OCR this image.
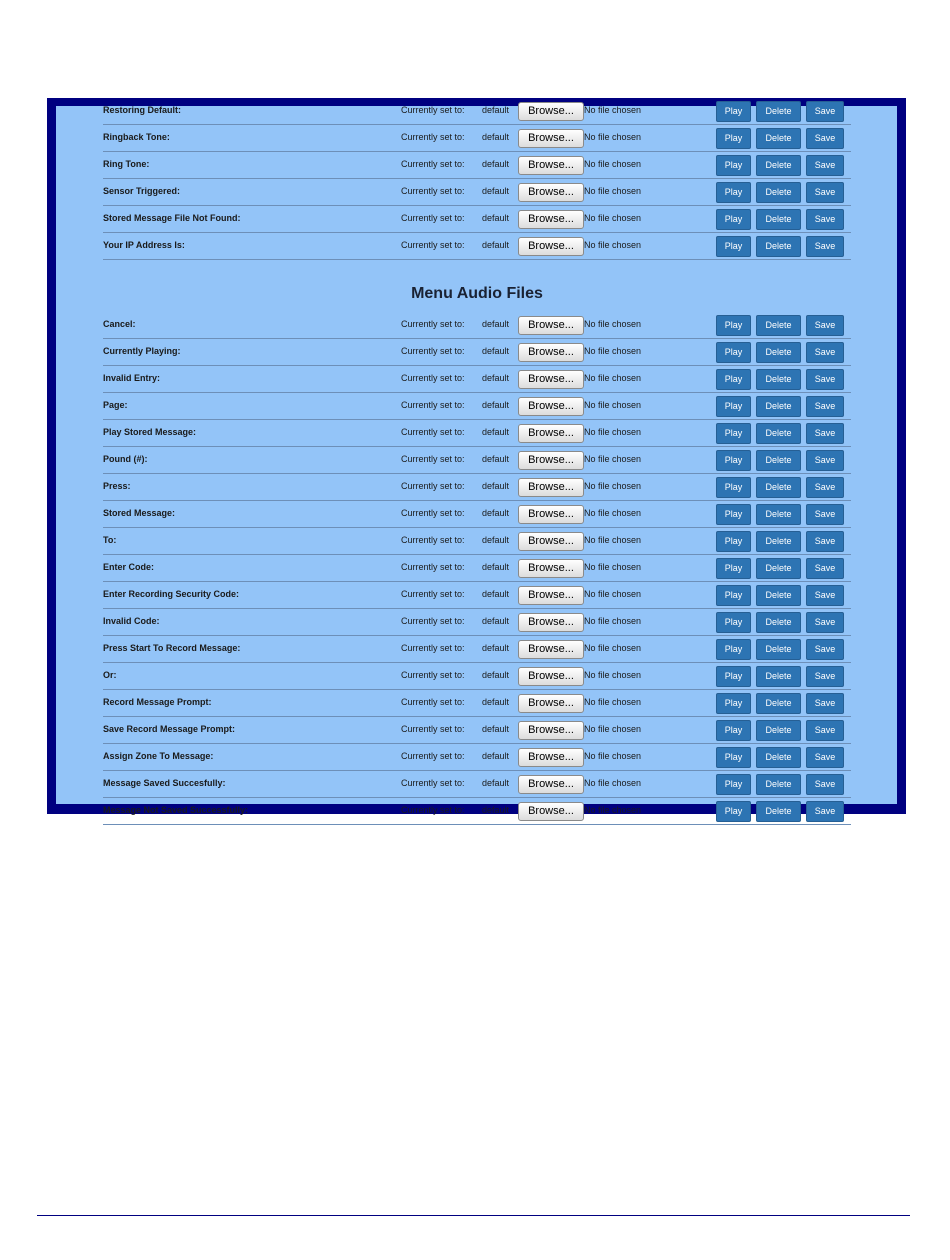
Restoring Default:	Currently set to: default	Browse...	No file chosen	Play	Delete	Save
Ringback Tone:	Currently set to: default	Browse...	No file chosen	Play	Delete	Save
Ring Tone:	Currently set to: default	Browse...	No file chosen	Play	Delete	Save
Sensor Triggered:	Currently set to: default	Browse...	No file chosen	Play	Delete	Save
Stored Message File Not Found:	Currently set to: default	Browse...	No file chosen	Play	Delete	Save
Your IP Address Is:	Currently set to: default	Browse...	No file chosen	Play	Delete	Save
Menu Audio Files
Cancel:	Currently set to: default	Browse...	No file chosen	Play	Delete	Save
Currently Playing:	Currently set to: default	Browse...	No file chosen	Play	Delete	Save
Invalid Entry:	Currently set to: default	Browse...	No file chosen	Play	Delete	Save
Page:	Currently set to: default	Browse...	No file chosen	Play	Delete	Save
Play Stored Message:	Currently set to: default	Browse...	No file chosen	Play	Delete	Save
Pound (#):	Currently set to: default	Browse...	No file chosen	Play	Delete	Save
Press:	Currently set to: default	Browse...	No file chosen	Play	Delete	Save
Stored Message:	Currently set to: default	Browse...	No file chosen	Play	Delete	Save
To:	Currently set to: default	Browse...	No file chosen	Play	Delete	Save
Enter Code:	Currently set to: default	Browse...	No file chosen	Play	Delete	Save
Enter Recording Security Code:	Currently set to: default	Browse...	No file chosen	Play	Delete	Save
Invalid Code:	Currently set to: default	Browse...	No file chosen	Play	Delete	Save
Press Start To Record Message:	Currently set to: default	Browse...	No file chosen	Play	Delete	Save
Or:	Currently set to: default	Browse...	No file chosen	Play	Delete	Save
Record Message Prompt:	Currently set to: default	Browse...	No file chosen	Play	Delete	Save
Save Record Message Prompt:	Currently set to: default	Browse...	No file chosen	Play	Delete	Save
Assign Zone To Message:	Currently set to: default	Browse...	No file chosen	Play	Delete	Save
Message Saved Succesfully:	Currently set to: default	Browse...	No file chosen	Play	Delete	Save
Message Not Saved Successfully:	Currently set to: default	Browse...	No file chosen	Play	Delete	Save
